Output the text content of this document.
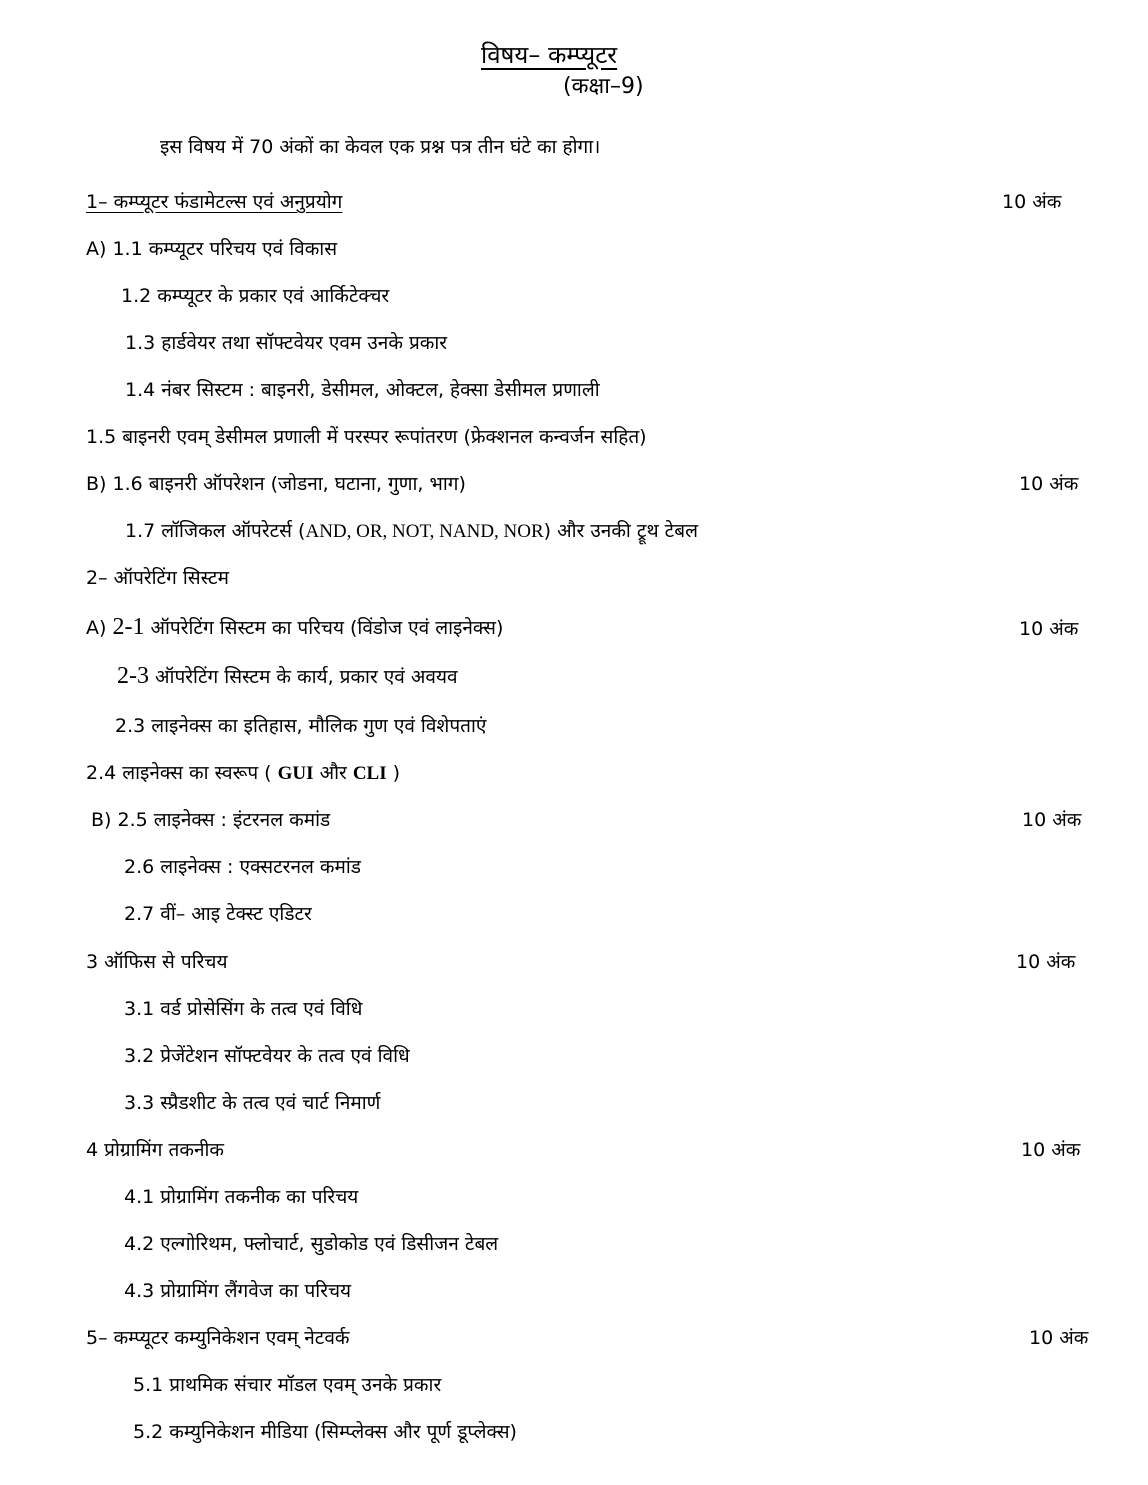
विषय– कम्प्यूटर
(कक्षा–9)
इस विषय में 70 अंकों का केवल एक प्रश्न पत्र तीन घंटे का होगा।
1– कम्प्यूटर फंडामेटल्स एवं अनुप्रयोग	10 अंक
A) 1.1 कम्प्यूटर परिचय एवं विकास
1.2 कम्प्यूटर के प्रकार एवं आर्किटेक्चर
1.3 हार्डवेयर तथा सॉफ्टवेयर एवम उनके प्रकार
1.4 नंबर सिस्टम : बाइनरी, डेसीमल, ओक्टल, हेक्सा डेसीमल प्रणाली
1.5 बाइनरी एवम् डेसीमल प्रणाली में परस्पर रूपांतरण (फ्रेक्शनल कन्वर्जन सहित)
B) 1.6 बाइनरी ऑपरेशन (जोडना, घटाना, गुणा, भाग)	10 अंक
1.7 लॉजिकल ऑपरेटर्स (AND, OR, NOT, NAND, NOR) और उनकी ट्रूथ टेबल
2– ऑपरेटिंग सिस्टम
A) 2-1 ऑपरेटिंग सिस्टम का परिचय (विंडोज एवं लाइनेक्स)	10 अंक
2-3 ऑपरेटिंग सिस्टम के कार्य, प्रकार एवं अवयव
2.3 लाइनेक्स का इतिहास, मौलिक गुण एवं विशेपताएं
2.4 लाइनेक्स का स्वरूप ( GUI और CLI )
B) 2.5 लाइनेक्स : इंटरनल कमांड	10 अंक
2.6 लाइनेक्स : एक्सटरनल कमांड
2.7 वीं– आइ टेक्स्ट एडिटर
3 ऑफिस से परिचय	10 अंक
3.1 वर्ड प्रोसेसिंग के तत्व एवं विधि
3.2 प्रेजेंटेशन सॉफ्टवेयर के तत्व एवं विधि
3.3 स्प्रैडशीट के तत्व एवं चार्ट निमार्ण
4 प्रोग्रामिंग तकनीक	10 अंक
4.1 प्रोग्रामिंग तकनीक का परिचय
4.2 एल्गोरिथम, फ्लोचार्ट, सुडोकोड एवं डिसीजन टेबल
4.3 प्रोग्रामिंग लैंगवेज का परिचय
5– कम्प्यूटर कम्युनिकेशन एवम् नेटवर्क	10 अंक
5.1 प्राथमिक संचार मॉडल एवम् उनके प्रकार
5.2 कम्युनिकेशन मीडिया (सिम्प्लेक्स और पूर्ण डूप्लेक्स)
